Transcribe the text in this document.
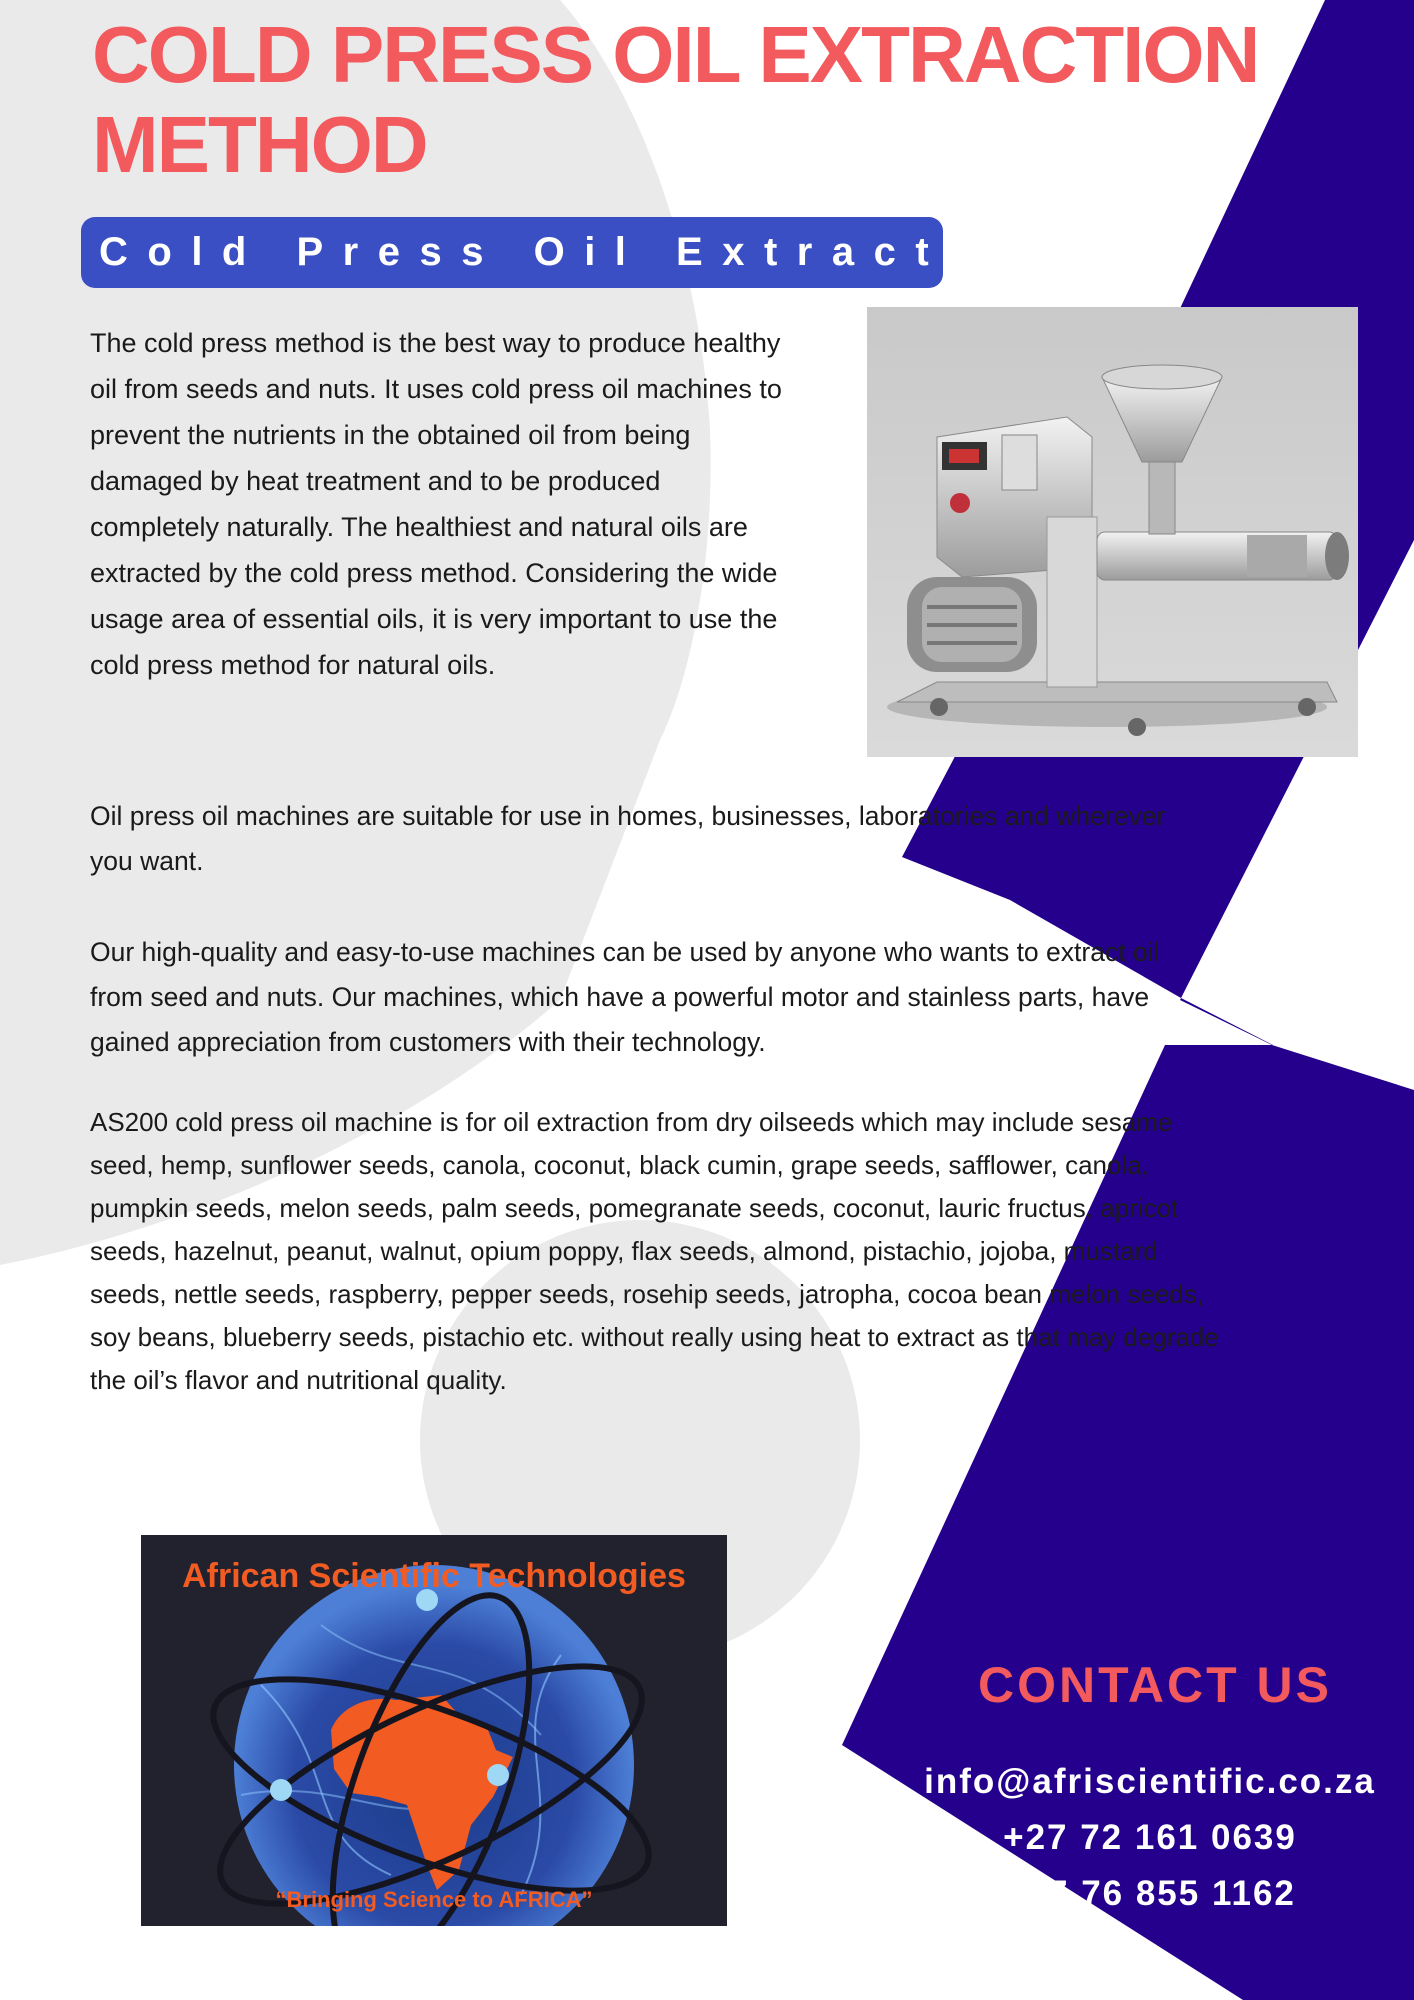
COLD PRESS OIL EXTRACTION METHOD
Cold Press Oil Extractor

The cold press method is the best way to produce healthy oil from seeds and nuts. It uses cold press oil machines to prevent the nutrients in the obtained oil from being damaged by heat treatment and to be produced completely naturally. The healthiest and natural oils are extracted by the cold press method. Considering the wide usage area of essential oils, it is very important to use the cold press method for natural oils.

Oil press oil machines are suitable for use in homes, businesses, laboratories and wherever you want.

Our high-quality and easy-to-use machines can be used by anyone who wants to extract oil from seed and nuts. Our machines, which have a powerful motor and stainless parts, have gained appreciation from customers with their technology.

AS200 cold press oil machine is for oil extraction from dry oilseeds which may include sesame seed, hemp, sunflower seeds, canola, coconut, black cumin, grape seeds, safflower, canola, pumpkin seeds, melon seeds, palm seeds, pomegranate seeds, coconut, lauric fructus, apricot seeds, hazelnut, peanut, walnut, opium poppy, flax seeds, almond, pistachio, jojoba, mustard seeds, nettle seeds, raspberry, pepper seeds, rosehip seeds, jatropha, cocoa bean melon seeds, soy beans, blueberry seeds, pistachio etc. without really using heat to extract as that may degrade the oil’s flavor and nutritional quality.

African Scientific Technologies
“Bringing Science to AFRICA”
CONTACT US
info@afriscientific.co.za
+27 72 161 0639
+27 76 855 1162
